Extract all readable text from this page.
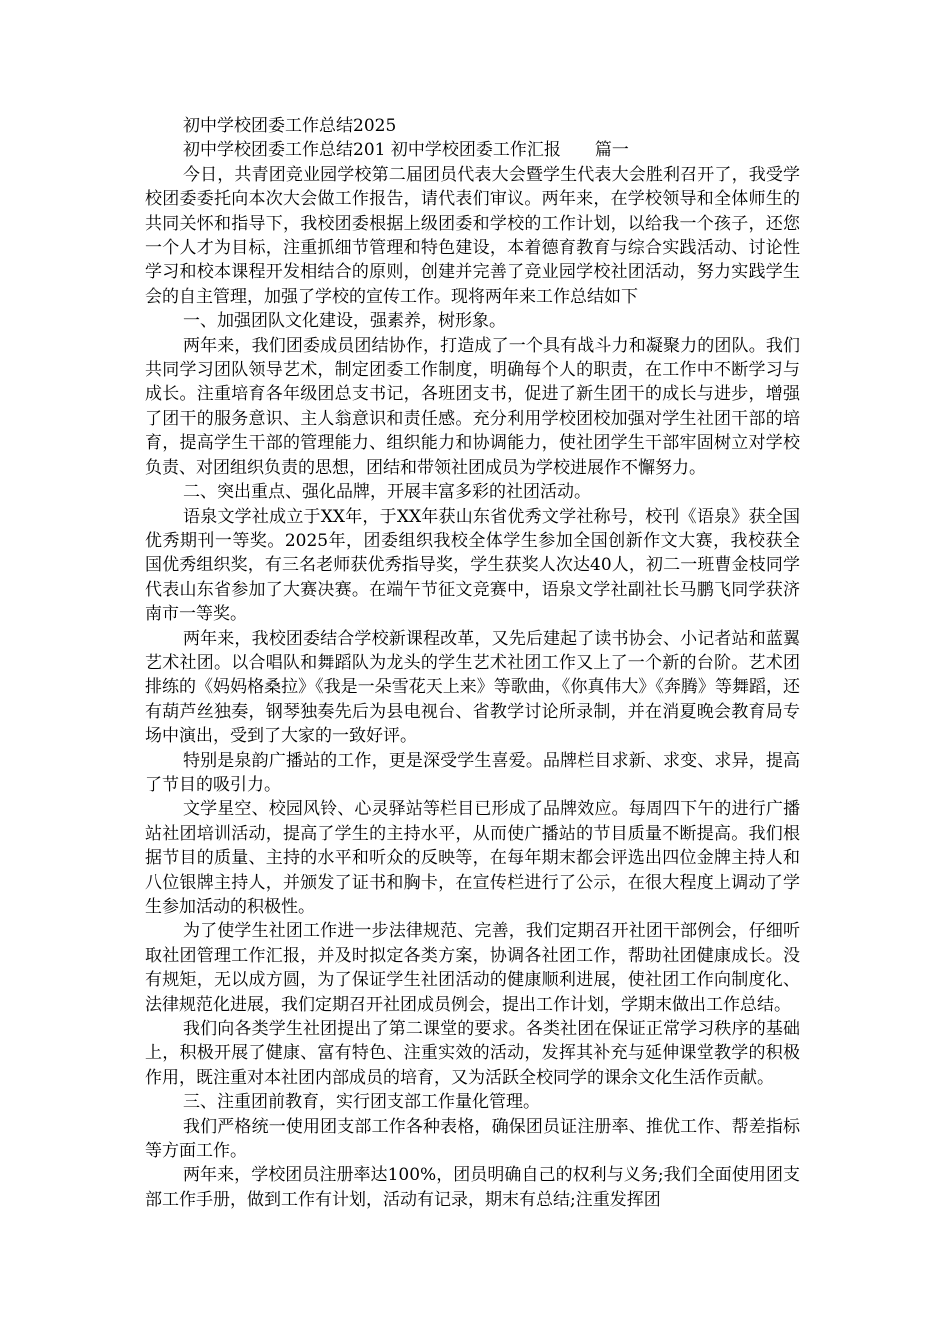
初中学校团委工作总结2025
初中学校团委工作总结201 初中学校团委工作汇报　　篇一

今日，共青团竞业园学校第二届团员代表大会暨学生代表大会胜利召开了，我受学校团委委托向本次大会做工作报告，请代表们审议。两年来，在学校领导和全体师生的共同关怀和指导下，我校团委根据上级团委和学校的工作计划，以给我一个孩子，还您一个人才为目标，注重抓细节管理和特色建设，本着德育教育与综合实践活动、讨论性学习和校本课程开发相结合的原则，创建并完善了竞业园学校社团活动，努力实践学生会的自主管理，加强了学校的宣传工作。现将两年来工作总结如下

一、加强团队文化建设，强素养，树形象。

两年来，我们团委成员团结协作，打造成了一个具有战斗力和凝聚力的团队。我们共同学习团队领导艺术，制定团委工作制度，明确每个人的职责，在工作中不断学习与成长。注重培育各年级团总支书记，各班团支书，促进了新生团干的成长与进步，增强了团干的服务意识、主人翁意识和责任感。充分利用学校团校加强对学生社团干部的培育，提高学生干部的管理能力、组织能力和协调能力，使社团学生干部牢固树立对学校负责、对团组织负责的思想，团结和带领社团成员为学校进展作不懈努力。

二、突出重点、强化品牌，开展丰富多彩的社团活动。

语泉文学社成立于XX年，于XX年获山东省优秀文学社称号，校刊《语泉》获全国优秀期刊一等奖。2025年，团委组织我校全体学生参加全国创新作文大赛，我校获全国优秀组织奖，有三名老师获优秀指导奖，学生获奖人次达40人，初二一班曹金枝同学代表山东省参加了大赛决赛。在端午节征文竞赛中，语泉文学社副社长马鹏飞同学获济南市一等奖。

两年来，我校团委结合学校新课程改革，又先后建起了读书协会、小记者站和蓝翼艺术社团。以合唱队和舞蹈队为龙头的学生艺术社团工作又上了一个新的台阶。艺术团排练的《妈妈格桑拉》《我是一朵雪花天上来》等歌曲，《你真伟大》《奔腾》等舞蹈，还有葫芦丝独奏，钢琴独奏先后为县电视台、省教学讨论所录制，并在消夏晚会教育局专场中演出，受到了大家的一致好评。

特别是泉韵广播站的工作，更是深受学生喜爱。品牌栏目求新、求变、求异，提高了节目的吸引力。

文学星空、校园风铃、心灵驿站等栏目已形成了品牌效应。每周四下午的进行广播站社团培训活动，提高了学生的主持水平，从而使广播站的节目质量不断提高。我们根据节目的质量、主持的水平和听众的反映等，在每年期末都会评选出四位金牌主持人和八位银牌主持人，并颁发了证书和胸卡，在宣传栏进行了公示，在很大程度上调动了学生参加活动的积极性。

为了使学生社团工作进一步法律规范、完善，我们定期召开社团干部例会，仔细听取社团管理工作汇报，并及时拟定各类方案，协调各社团工作，帮助社团健康成长。没有规矩，无以成方圆，为了保证学生社团活动的健康顺利进展，使社团工作向制度化、法律规范化进展，我们定期召开社团成员例会，提出工作计划，学期末做出工作总结。

我们向各类学生社团提出了第二课堂的要求。各类社团在保证正常学习秩序的基础上，积极开展了健康、富有特色、注重实效的活动，发挥其补充与延伸课堂教学的积极作用，既注重对本社团内部成员的培育，又为活跃全校同学的课余文化生活作贡献。

三、注重团前教育，实行团支部工作量化管理。

我们严格统一使用团支部工作各种表格，确保团员证注册率、推优工作、帮差指标等方面工作。

两年来，学校团员注册率达100%，团员明确自己的权利与义务;我们全面使用团支部工作手册，做到工作有计划，活动有记录，期末有总结;注重发挥团
